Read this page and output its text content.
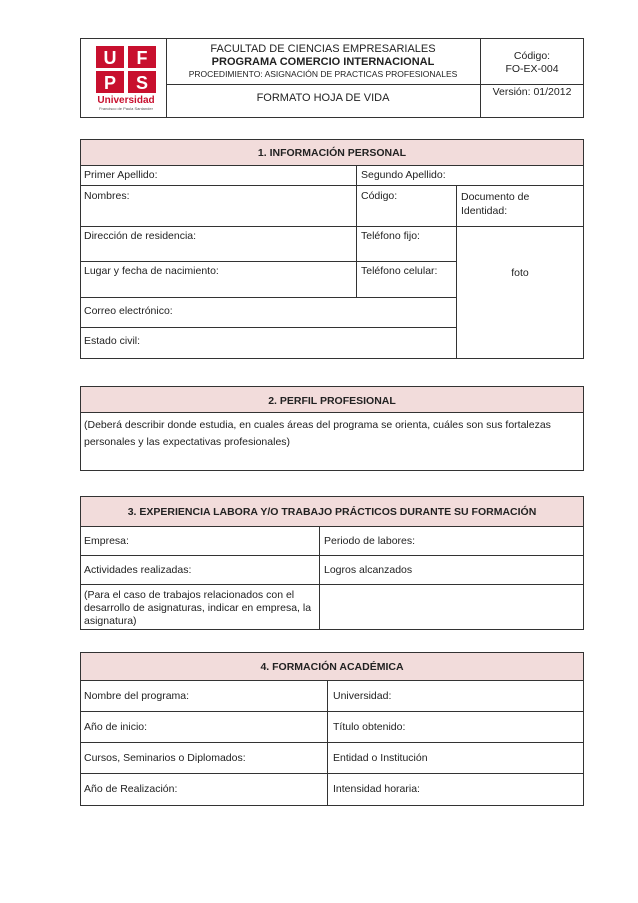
U F
P S
Universidad
Francisco de Paula Santander
FACULTAD DE CIENCIAS EMPRESARIALES
PROGRAMA COMERCIO INTERNACIONAL
PROCEDIMIENTO: ASIGNACIÓN DE PRACTICAS PROFESIONALES
FORMATO HOJA DE VIDA
Código:
FO-EX-004
Versión: 01/2012
1. INFORMACIÓN PERSONAL
Primer Apellido:	Segundo Apellido:
Nombres:	Código:	Documento de Identidad:
Dirección de residencia:	Teléfono fijo:
Lugar y fecha de nacimiento:	Teléfono celular:	foto
Correo electrónico:
Estado civil:
2. PERFIL PROFESIONAL
(Deberá describir donde estudia, en cuales áreas del programa se orienta, cuáles son sus fortalezas personales y las expectativas profesionales)
3. EXPERIENCIA LABORA Y/O TRABAJO PRÁCTICOS DURANTE SU FORMACIÓN
Empresa:	Periodo de labores:
Actividades realizadas:	Logros alcanzados
(Para el caso de trabajos relacionados con el desarrollo de asignaturas, indicar en empresa, la asignatura)
4. FORMACIÓN ACADÉMICA
Nombre del programa:	Universidad:
Año de inicio:	Título obtenido:
Cursos, Seminarios o Diplomados:	Entidad o Institución
Año de Realización:	Intensidad horaria:
